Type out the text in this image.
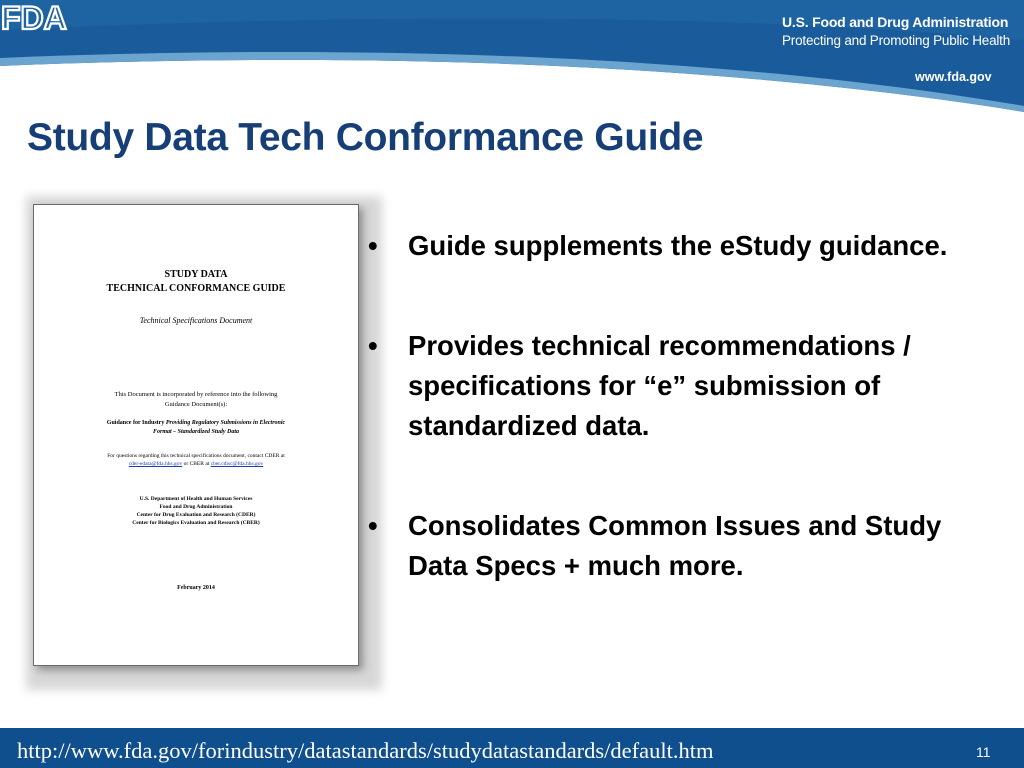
FDA	U.S. Food and Drug Administration
Protecting and Promoting Public Health
www.fda.gov
Study Data Tech Conformance Guide
STUDY DATA
TECHNICAL CONFORMANCE GUIDE
Technical Specifications Document
This Document is incorporated by reference into the following
Guidance Document(s):
Guidance for Industry Providing Regulatory Submissions in Electronic
Format – Standardized Study Data
For questions regarding this technical specifications document, contact CDER at
cder-edata@fda.hhs.gov or CBER at cber.cdisc@fda.hhs.gov
U.S. Department of Health and Human Services
Food and Drug Administration
Center for Drug Evaluation and Research (CDER)
Center for Biologics Evaluation and Research (CBER)
February 2014
• Guide supplements the eStudy guidance.
• Provides technical recommendations / specifications for “e” submission of standardized data.
• Consolidates Common Issues and Study Data Specs + much more.
http://www.fda.gov/forindustry/datastandards/studydatastandards/default.htm	11
